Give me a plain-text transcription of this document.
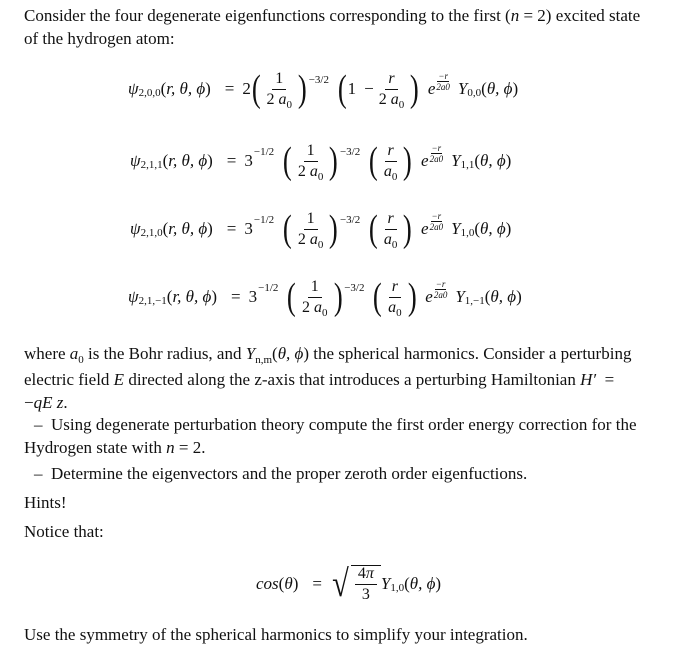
Consider the four degenerate eigenfunctions corresponding to the first (n = 2) excited state
of the hydrogen atom:

ψ 2,0,0 ( r, θ, ϕ )
= 2 ( $\frac{1}{2 a_0}$ ) −3/2 ( 1
− $\frac{r}{2 a_0}$ ) e
−r
2a0 Y 0,0 ( θ, ϕ )
ψ 2,1,1 ( r, θ, ϕ )
= 3 −1/2 ( $\frac{1}{2 a_0}$ ) −3/2 ( $\frac{r}{a_0}$ ) e
−r
2a0 Y 1,1 ( θ, ϕ )
ψ 2,1,0 ( r, θ, ϕ )
= 3 −1/2 ( $\frac{1}{2 a_0}$ ) −3/2 ( $\frac{r}{a_0}$ ) e
−r
2a0 Y 1,0 ( θ, ϕ )
ψ 2,1,−1 ( r, θ, ϕ )
= 3 −1/2 ( $\frac{1}{2 a_0}$ ) −3/2 ( $\frac{r}{a_0}$ ) e
−r
2a0 Y 1,−1 ( θ, ϕ )

where $a_0$ is the Bohr radius, and $Y_{n,m}(\theta$, ϕ) the spherical harmonics. Consider a perturbing
electric field E directed along the z-axis that introduces a perturbing Hamiltonian H′  =
−qE z.

–  Using degenerate perturbation theory compute the first order energy correction for the

Hydrogen state with n = 2.

–  Determine the eigenvectors and the proper zeroth order eigenfuctions.

Hints!

Notice that:

cos ( θ )
= √ $\frac{4\pi}{3}$ Y 1,0 ( θ, ϕ )

Use the symmetry of the spherical harmonics to simplify your integration.
